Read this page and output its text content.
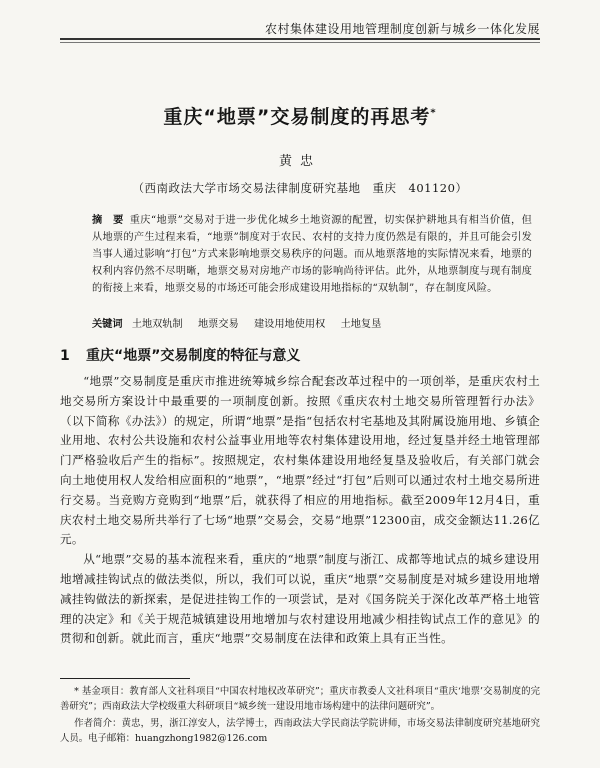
农村集体建设用地管理制度创新与城乡一体化发展
重庆“地票”交易制度的再思考*
黄忠
（西南政法大学市场交易法律制度研究基地　重庆　401120）
摘　要 重庆“地票”交易对于进一步优化城乡土地资源的配置，切实保护耕地具有相当价值，但从地票的产生过程来看，“地票”制度对于农民、农村的支持力度仍然是有限的，并且可能会引发当事人通过影响“打包”方式来影响地票交易秩序的问题。而从地票落地的实际情况来看，地票的权利内容仍然不尽明晰，地票交易对房地产市场的影响尚待评估。此外，从地票制度与现有制度的衔接上来看，地票交易的市场还可能会形成建设用地指标的“双轨制”，存在制度风险。
关键词 土地双轨制 地票交易 建设用地使用权 土地复垦
1 重庆“地票”交易制度的特征与意义

“地票”交易制度是重庆市推进统筹城乡综合配套改革过程中的一项创举，是重庆农村土地交易所方案设计中最重要的一项制度创新。按照《重庆农村土地交易所管理暂行办法》（以下简称《办法》）的规定，所谓“地票”是指“包括农村宅基地及其附属设施用地、乡镇企业用地、农村公共设施和农村公益事业用地等农村集体建设用地，经过复垦并经土地管理部门严格验收后产生的指标”。按照规定，农村集体建设用地经复垦及验收后，有关部门就会向土地使用权人发给相应面积的“地票”，“地票”经过“打包”后则可以通过农村土地交易所进行交易。当竞购方竞购到“地票”后，就获得了相应的用地指标。截至2009年12月4日，重庆农村土地交易所共举行了七场“地票”交易会，交易“地票”12300亩，成交金额达11.26亿元。

从“地票”交易的基本流程来看，重庆的“地票”制度与浙江、成都等地试点的城乡建设用地增减挂钩试点的做法类似，所以，我们可以说，重庆“地票”交易制度是对城乡建设用地增减挂钩做法的新探索，是促进挂钩工作的一项尝试，是对《国务院关于深化改革严格土地管理的决定》和《关于规范城镇建设用地增加与农村建设用地减少相挂钩试点工作的意见》的贯彻和创新。就此而言，重庆“地票”交易制度在法律和政策上具有正当性。

* 基金项目：教育部人文社科项目“中国农村地权改革研究”；重庆市教委人文社科项目“重庆‘地票’交易制度的完善研究”；西南政法大学校级重大科研项目“城乡统一建设用地市场构建中的法律问题研究”。

作者简介：黄忠，男，浙江淳安人，法学博士，西南政法大学民商法学院讲师，市场交易法律制度研究基地研究人员。电子邮箱：huangzhong1982@126.com
